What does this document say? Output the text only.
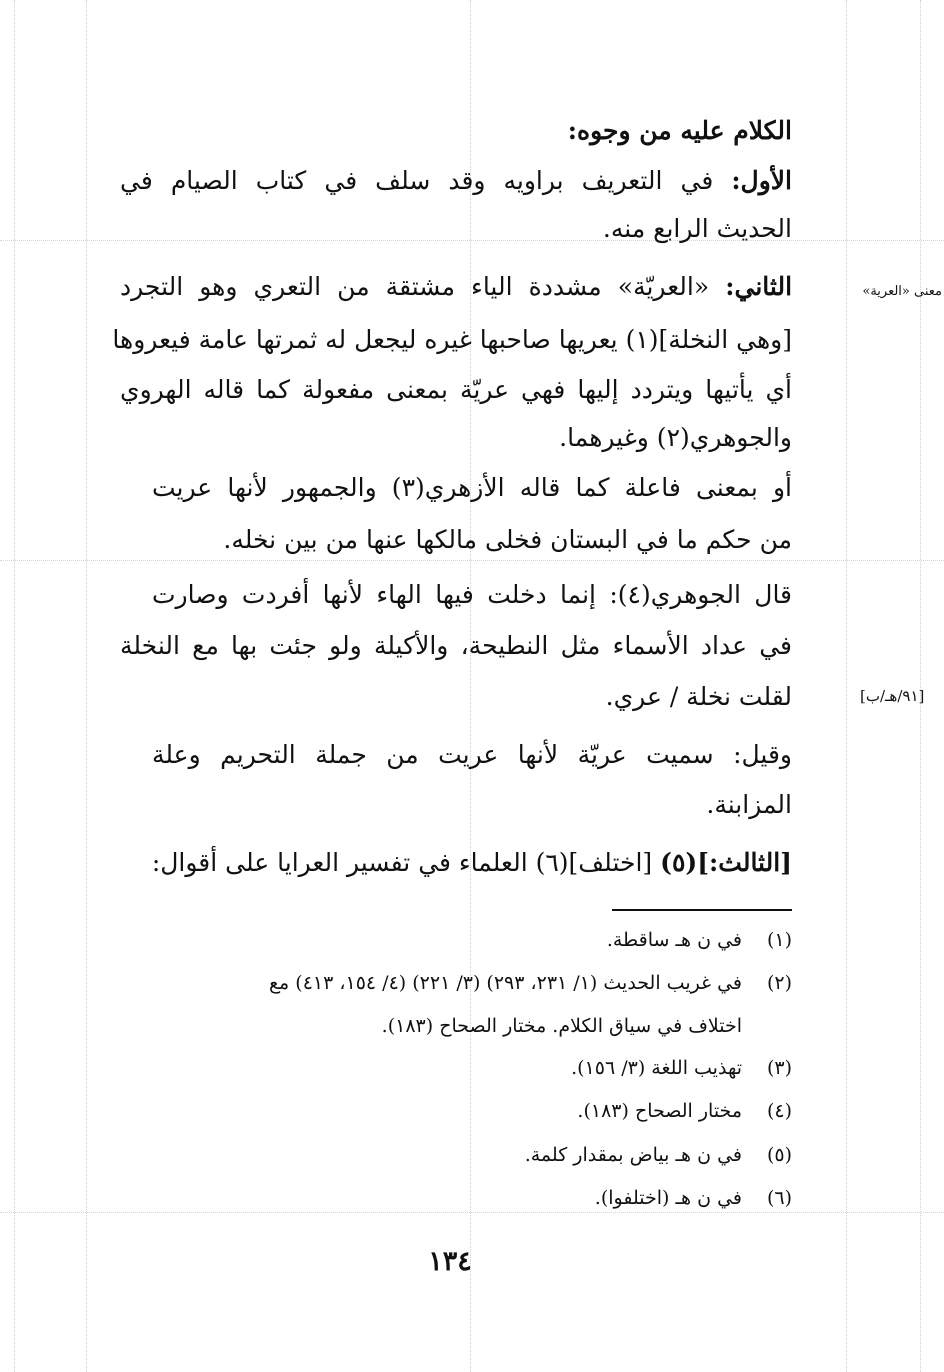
معنى «العرية»
[٩١/هـ/ب]
الكلام عليه من وجوه:
الأول: في التعريف براويه وقد سلف في كتاب الصيام في
الحديث الرابع منه.
الثاني: «العريّة» مشددة الياء مشتقة من التعري وهو التجرد
[وهي النخلة](١) يعريها صاحبها غيره ليجعل له ثمرتها عامة فيعروها
أي يأتيها ويتردد إليها فهي عريّة بمعنى مفعولة كما قاله الهروي
والجوهري(٢) وغيرهما.
أو بمعنى فاعلة كما قاله الأزهري(٣) والجمهور لأنها عريت
من حكم ما في البستان فخلى مالكها عنها من بين نخله.
قال الجوهري(٤): إنما دخلت فيها الهاء لأنها أفردت وصارت
في عداد الأسماء مثل النطيحة، والأكيلة ولو جئت بها مع النخلة
لقلت نخلة / عري.
وقيل: سميت عريّة لأنها عريت من جملة التحريم وعلة
المزابنة.
[الثالث:](٥) [اختلف](٦) العلماء في تفسير العرايا على أقوال:
(١)في ن هـ ساقطة.
(٢)في غريب الحديث (١/ ٢٣١، ٢٩٣) (٣/ ٢٢١) (٤/ ١٥٤، ٤١٣) مع
اختلاف في سياق الكلام. مختار الصحاح (١٨٣).
(٣)تهذيب اللغة (٣/ ١٥٦).
(٤)مختار الصحاح (١٨٣).
(٥)في ن هـ بياض بمقدار كلمة.
(٦)في ن هـ (اختلفوا).
١٣٤
